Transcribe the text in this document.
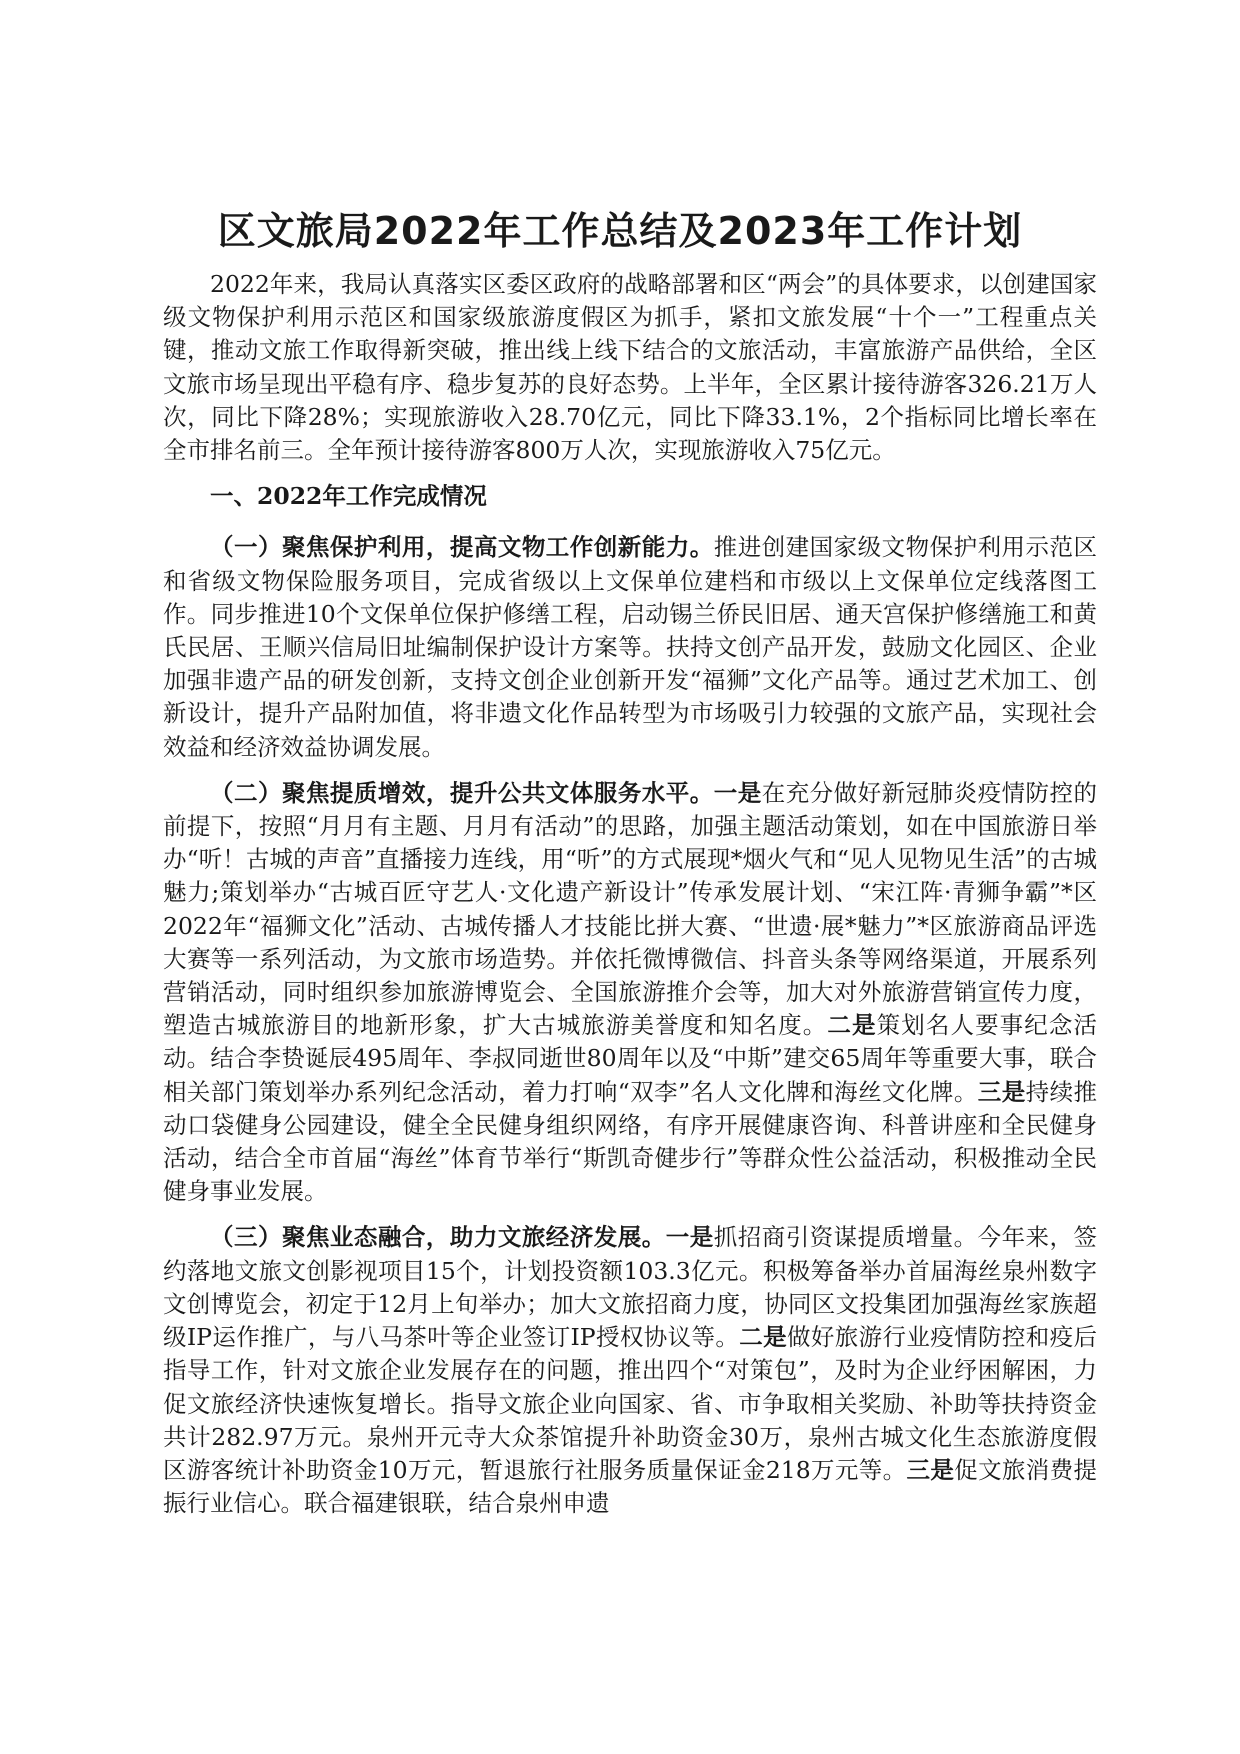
区文旅局2022年工作总结及2023年工作计划

2022年来，我局认真落实区委区政府的战略部署和区“两会”的具体要求，以创建国家级文物保护利用示范区和国家级旅游度假区为抓手，紧扣文旅发展“十个一”工程重点关键，推动文旅工作取得新突破，推出线上线下结合的文旅活动，丰富旅游产品供给，全区文旅市场呈现出平稳有序、稳步复苏的良好态势。上半年，全区累计接待游客326.21万人次，同比下降28%；实现旅游收入28.70亿元，同比下降33.1%，2个指标同比增长率在全市排名前三。全年预计接待游客800万人次，实现旅游收入75亿元。

一、2022年工作完成情况

（一）聚焦保护利用，提高文物工作创新能力。推进创建国家级文物保护利用示范区和省级文物保险服务项目，完成省级以上文保单位建档和市级以上文保单位定线落图工作。同步推进10个文保单位保护修缮工程，启动锡兰侨民旧居、通天宫保护修缮施工和黄氏民居、王顺兴信局旧址编制保护设计方案等。扶持文创产品开发，鼓励文化园区、企业加强非遗产品的研发创新，支持文创企业创新开发“福狮”文化产品等。通过艺术加工、创新设计，提升产品附加值，将非遗文化作品转型为市场吸引力较强的文旅产品，实现社会效益和经济效益协调发展。

（二）聚焦提质增效，提升公共文体服务水平。一是在充分做好新冠肺炎疫情防控的前提下，按照“月月有主题、月月有活动”的思路，加强主题活动策划，如在中国旅游日举办“听！古城的声音”直播接力连线，用“听”的方式展现*烟火气和“见人见物见生活”的古城魅力;策划举办“古城百匠守艺人·文化遗产新设计”传承发展计划、“宋江阵·青狮争霸”*区2022年“福狮文化”活动、古城传播人才技能比拼大赛、“世遗·展*魅力”*区旅游商品评选大赛等一系列活动，为文旅市场造势。并依托微博微信、抖音头条等网络渠道，开展系列营销活动，同时组织参加旅游博览会、全国旅游推介会等，加大对外旅游营销宣传力度，塑造古城旅游目的地新形象，扩大古城旅游美誉度和知名度。二是策划名人要事纪念活动。结合李贽诞辰495周年、李叔同逝世80周年以及“中斯”建交65周年等重要大事，联合相关部门策划举办系列纪念活动，着力打响“双李”名人文化牌和海丝文化牌。三是持续推动口袋健身公园建设，健全全民健身组织网络，有序开展健康咨询、科普讲座和全民健身活动，结合全市首届“海丝”体育节举行“斯凯奇健步行”等群众性公益活动，积极推动全民健身事业发展。

（三）聚焦业态融合，助力文旅经济发展。一是抓招商引资谋提质增量。今年来，签约落地文旅文创影视项目15个，计划投资额103.3亿元。积极筹备举办首届海丝泉州数字文创博览会，初定于12月上旬举办；加大文旅招商力度，协同区文投集团加强海丝家族超级IP运作推广，与八马茶叶等企业签订IP授权协议等。二是做好旅游行业疫情防控和疫后指导工作，针对文旅企业发展存在的问题，推出四个“对策包”，及时为企业纾困解困，力促文旅经济快速恢复增长。指导文旅企业向国家、省、市争取相关奖励、补助等扶持资金共计282.97万元。泉州开元寺大众茶馆提升补助资金30万，泉州古城文化生态旅游度假区游客统计补助资金10万元，暂退旅行社服务质量保证金218万元等。三是促文旅消费提振行业信心。联合福建银联，结合泉州申遗
